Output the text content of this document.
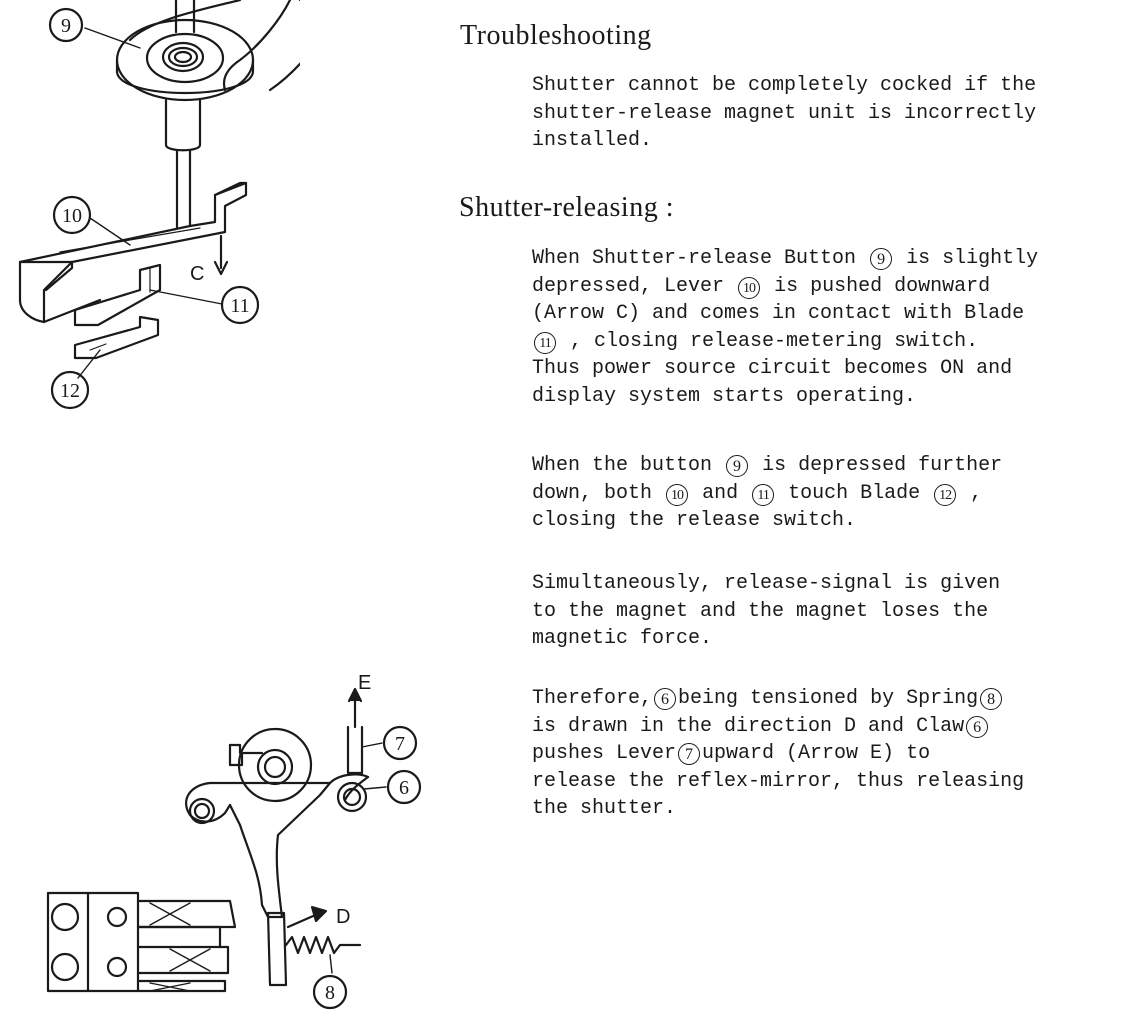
9
10
11
12
C
7
6
8
E
D
Troubleshooting

Shutter cannot be completely cocked if the
shutter-release magnet unit is incorrectly
installed.

Shutter-releasing :

When Shutter-release Button 9 is slightly
depressed, Lever 10 is pushed downward
(Arrow C) and comes in contact with Blade
11 , closing release-metering switch.
Thus power source circuit becomes ON and
display system starts operating.

When the button 9 is depressed further
down, both 10 and 11 touch Blade 12 ,
closing the release switch.

Simultaneously, release-signal is given
to the magnet and the magnet loses the
magnetic force.

Therefore, 6 being tensioned by Spring 8
is drawn in the direction D and Claw 6
pushes Lever 7 upward (Arrow E) to
release the reflex-mirror, thus releasing
the shutter.
